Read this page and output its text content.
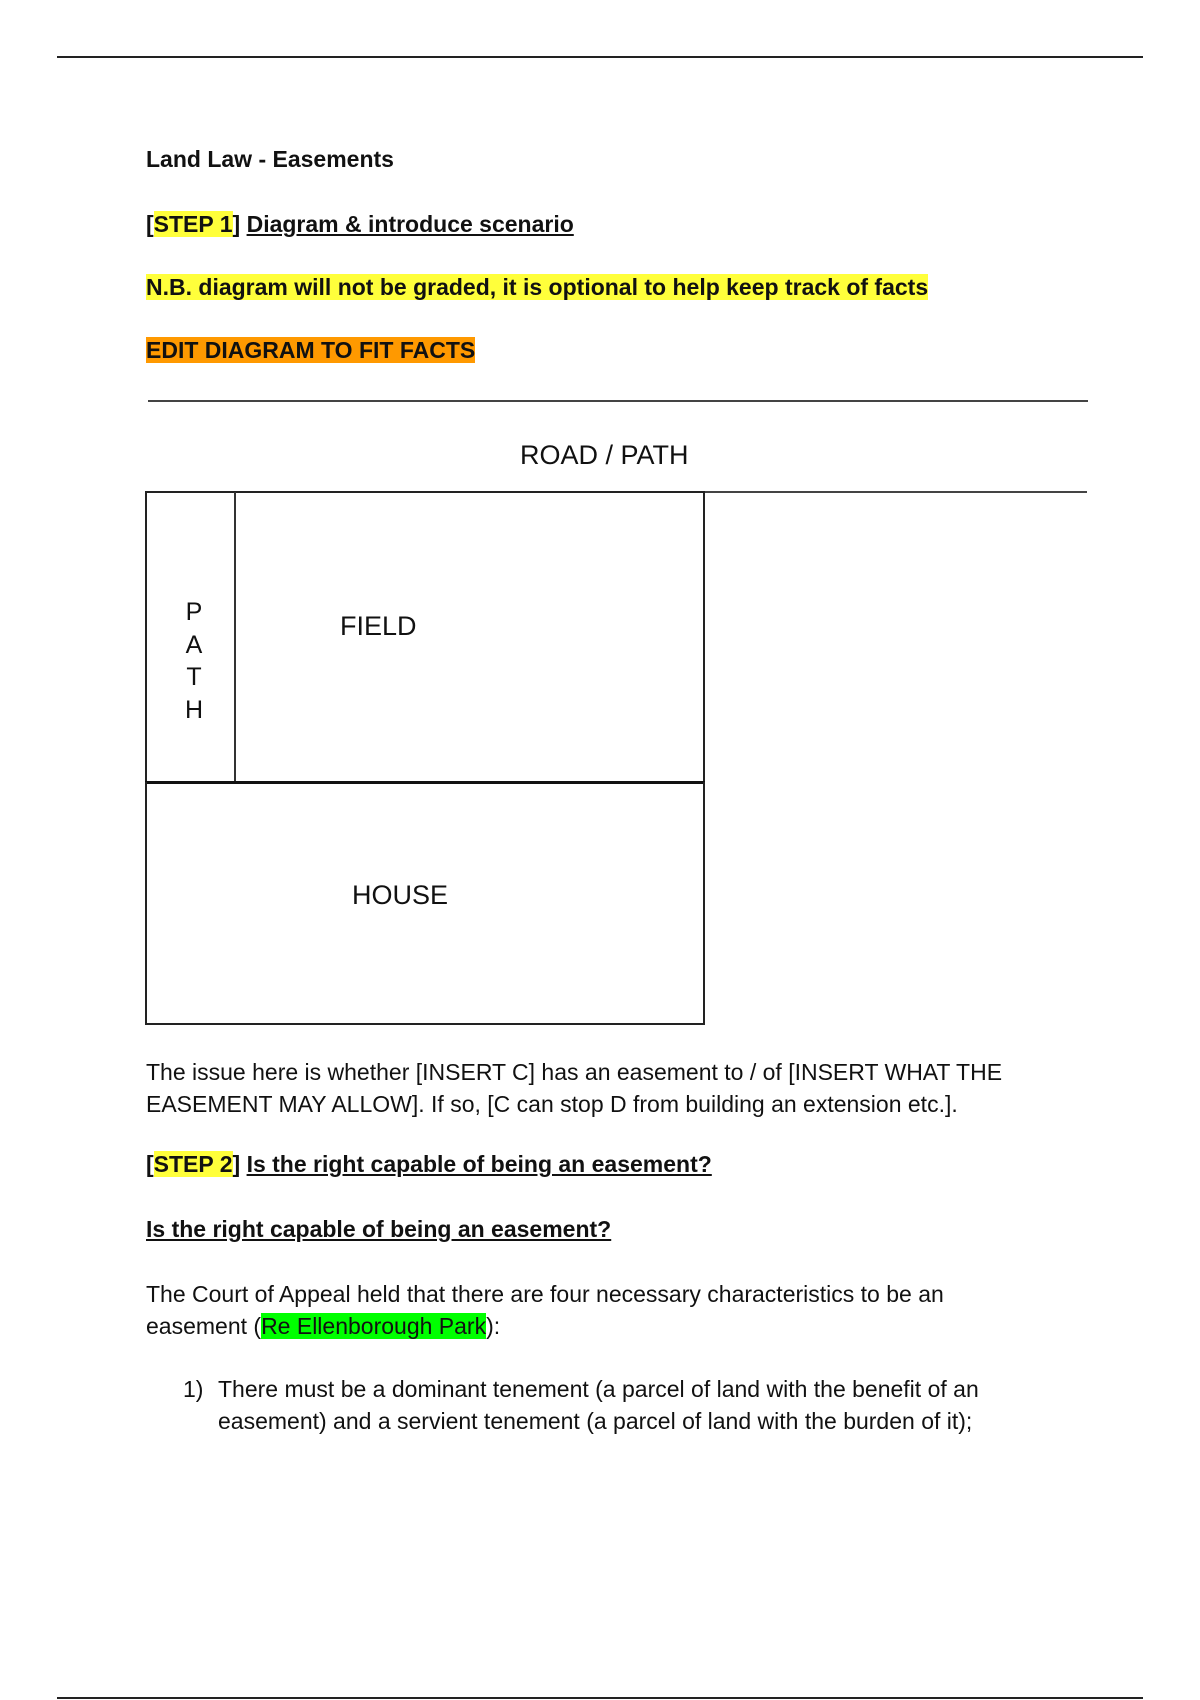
Land Law - Easements
[STEP 1] Diagram & introduce scenario
N.B. diagram will not be graded, it is optional to help keep track of facts
EDIT DIAGRAM TO FIT FACTS
ROAD / PATH
P
A
T
H
FIELD
HOUSE
The issue here is whether [INSERT C] has an easement to / of [INSERT WHAT THE
EASEMENT MAY ALLOW]. If so, [C can stop D from building an extension etc.].
[STEP 2] Is the right capable of being an easement?
Is the right capable of being an easement?
The Court of Appeal held that there are four necessary characteristics to be an
easement (Re Ellenborough Park):
1) There must be a dominant tenement (a parcel of land with the benefit of an
easement) and a servient tenement (a parcel of land with the burden of it);
